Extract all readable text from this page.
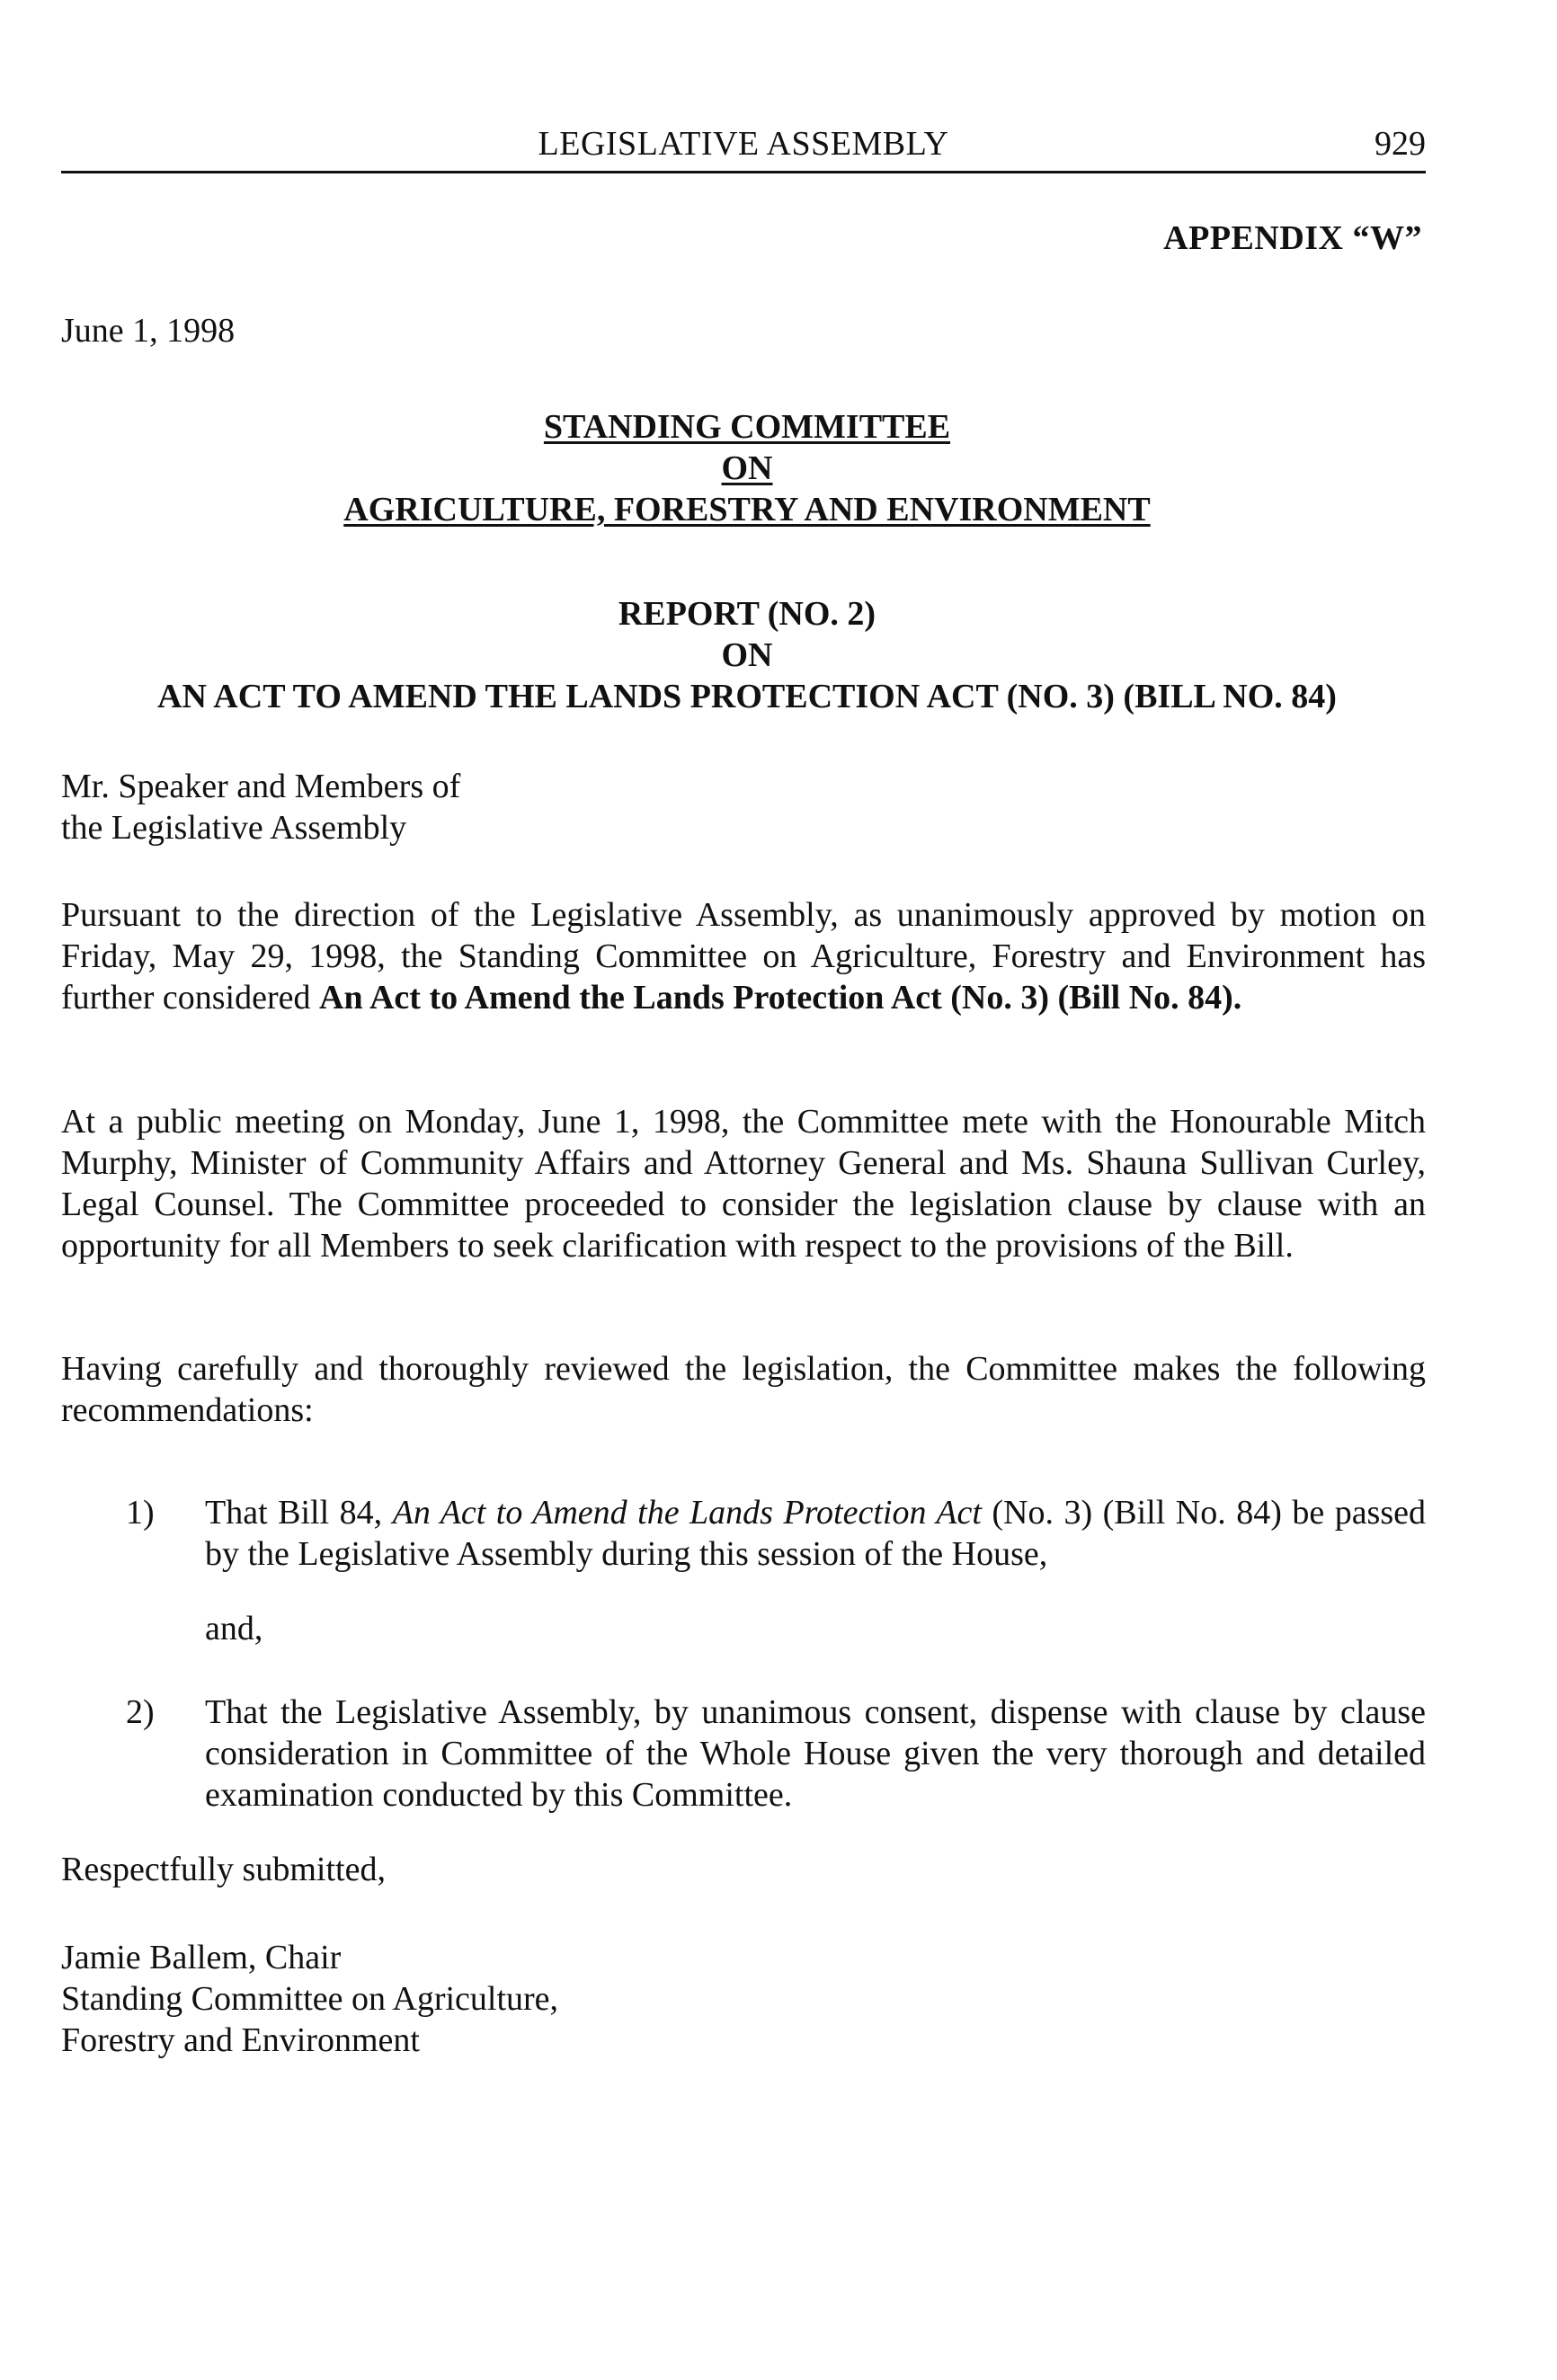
LEGISLATIVE ASSEMBLY	929
APPENDIX “W”
June 1, 1998
STANDING COMMITTEE
ON
AGRICULTURE, FORESTRY AND ENVIRONMENT
REPORT (NO. 2)
ON
AN ACT TO AMEND THE LANDS PROTECTION ACT (NO. 3) (BILL NO. 84)
Mr. Speaker and Members of
the Legislative Assembly
Pursuant to the direction of the Legislative Assembly, as unanimously approved by motion on Friday, May 29, 1998, the Standing Committee on Agriculture, Forestry and Environment has further considered An Act to Amend the Lands Protection Act (No. 3) (Bill No. 84).
At a public meeting on Monday, June 1, 1998, the Committee mete with the Honourable Mitch Murphy, Minister of Community Affairs and Attorney General and Ms. Shauna Sullivan Curley, Legal Counsel. The Committee proceeded to consider the legislation clause by clause with an opportunity for all Members to seek clarification with respect to the provisions of the Bill.
Having carefully and thoroughly reviewed the legislation, the Committee makes the following recommendations:
1) That Bill 84, An Act to Amend the Lands Protection Act (No. 3) (Bill No. 84) be passed by the Legislative Assembly during this session of the House,
and,
2) That the Legislative Assembly, by unanimous consent, dispense with clause by clause consideration in Committee of the Whole House given the very thorough and detailed examination conducted by this Committee.
Respectfully submitted,
Jamie Ballem, Chair
Standing Committee on Agriculture,
Forestry and Environment
